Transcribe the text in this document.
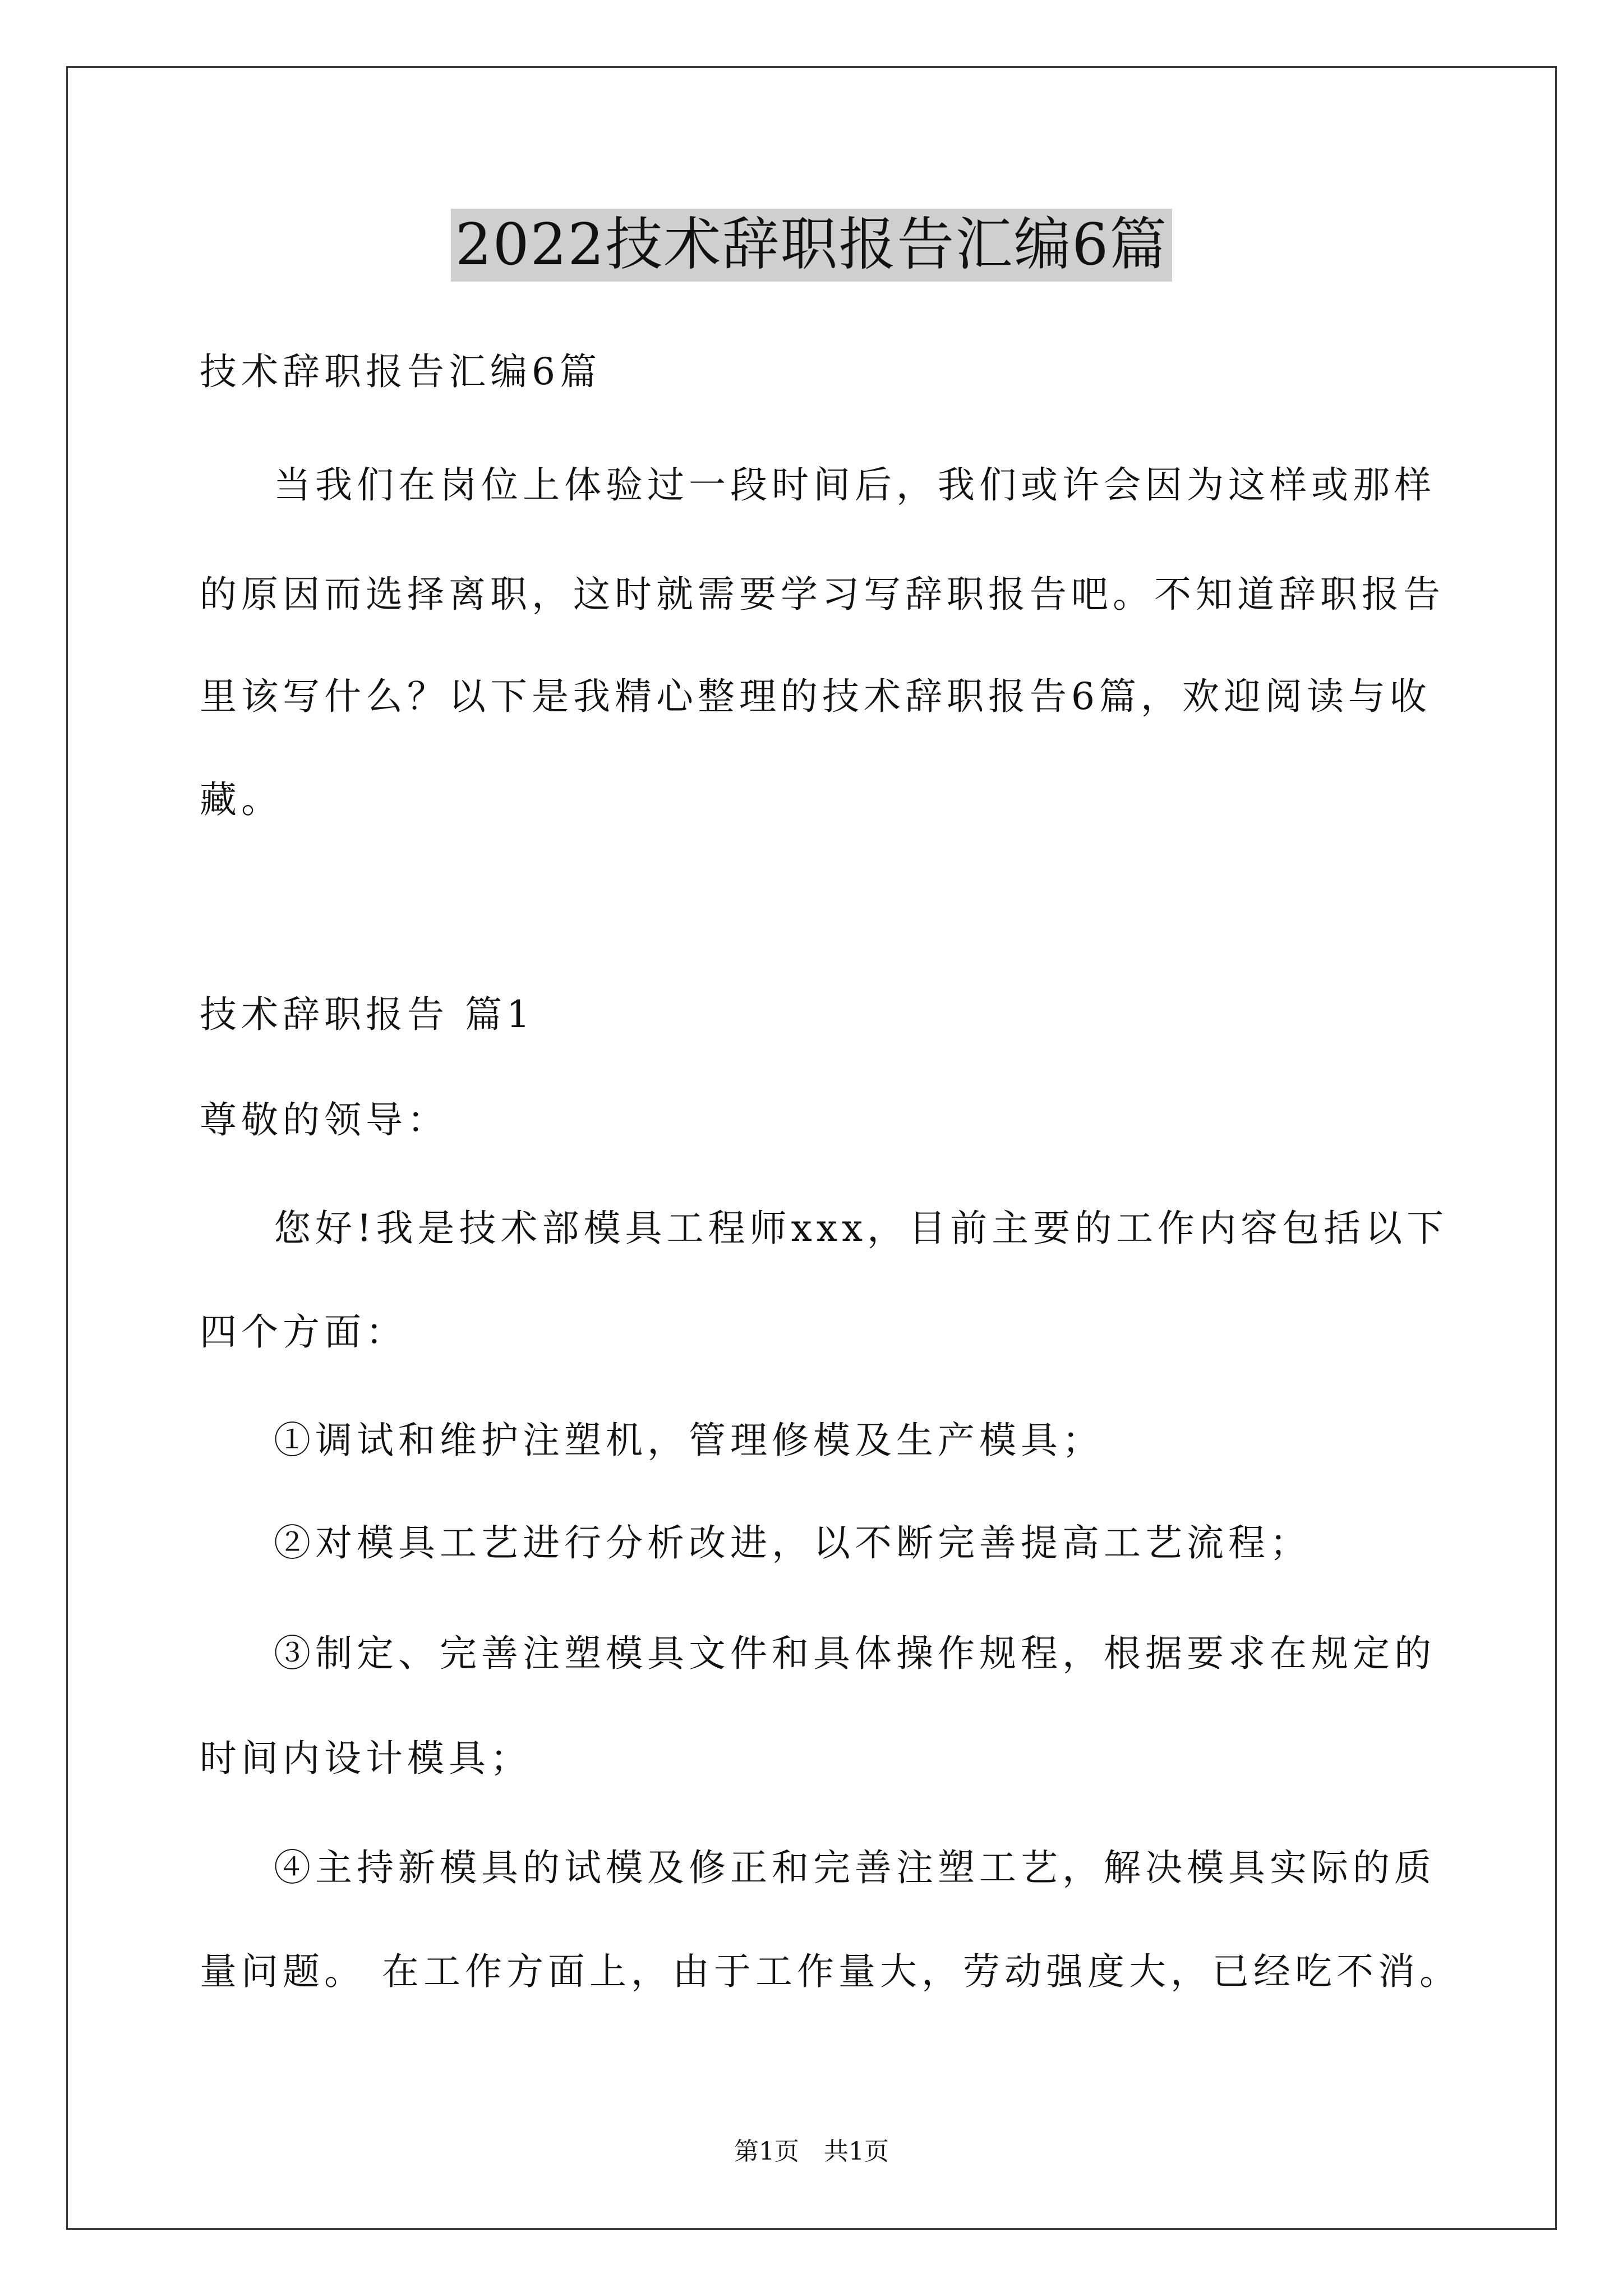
2022技术辞职报告汇编6篇
技术辞职报告汇编6篇
当我们在岗位上体验过一段时间后，我们或许会因为这样或那样
的原因而选择离职，这时就需要学习写辞职报告吧。不知道辞职报告
里该写什么？以下是我精心整理的技术辞职报告6篇，欢迎阅读与收
藏。
技术辞职报告 篇1
尊敬的领导：
您好!我是技术部模具工程师xxx，目前主要的工作内容包括以下
四个方面：
①调试和维护注塑机，管理修模及生产模具；
②对模具工艺进行分析改进，以不断完善提高工艺流程；
③制定、完善注塑模具文件和具体操作规程，根据要求在规定的
时间内设计模具；
④主持新模具的试模及修正和完善注塑工艺，解决模具实际的质
量问题。 在工作方面上，由于工作量大，劳动强度大，已经吃不消。
第1页　共1页
